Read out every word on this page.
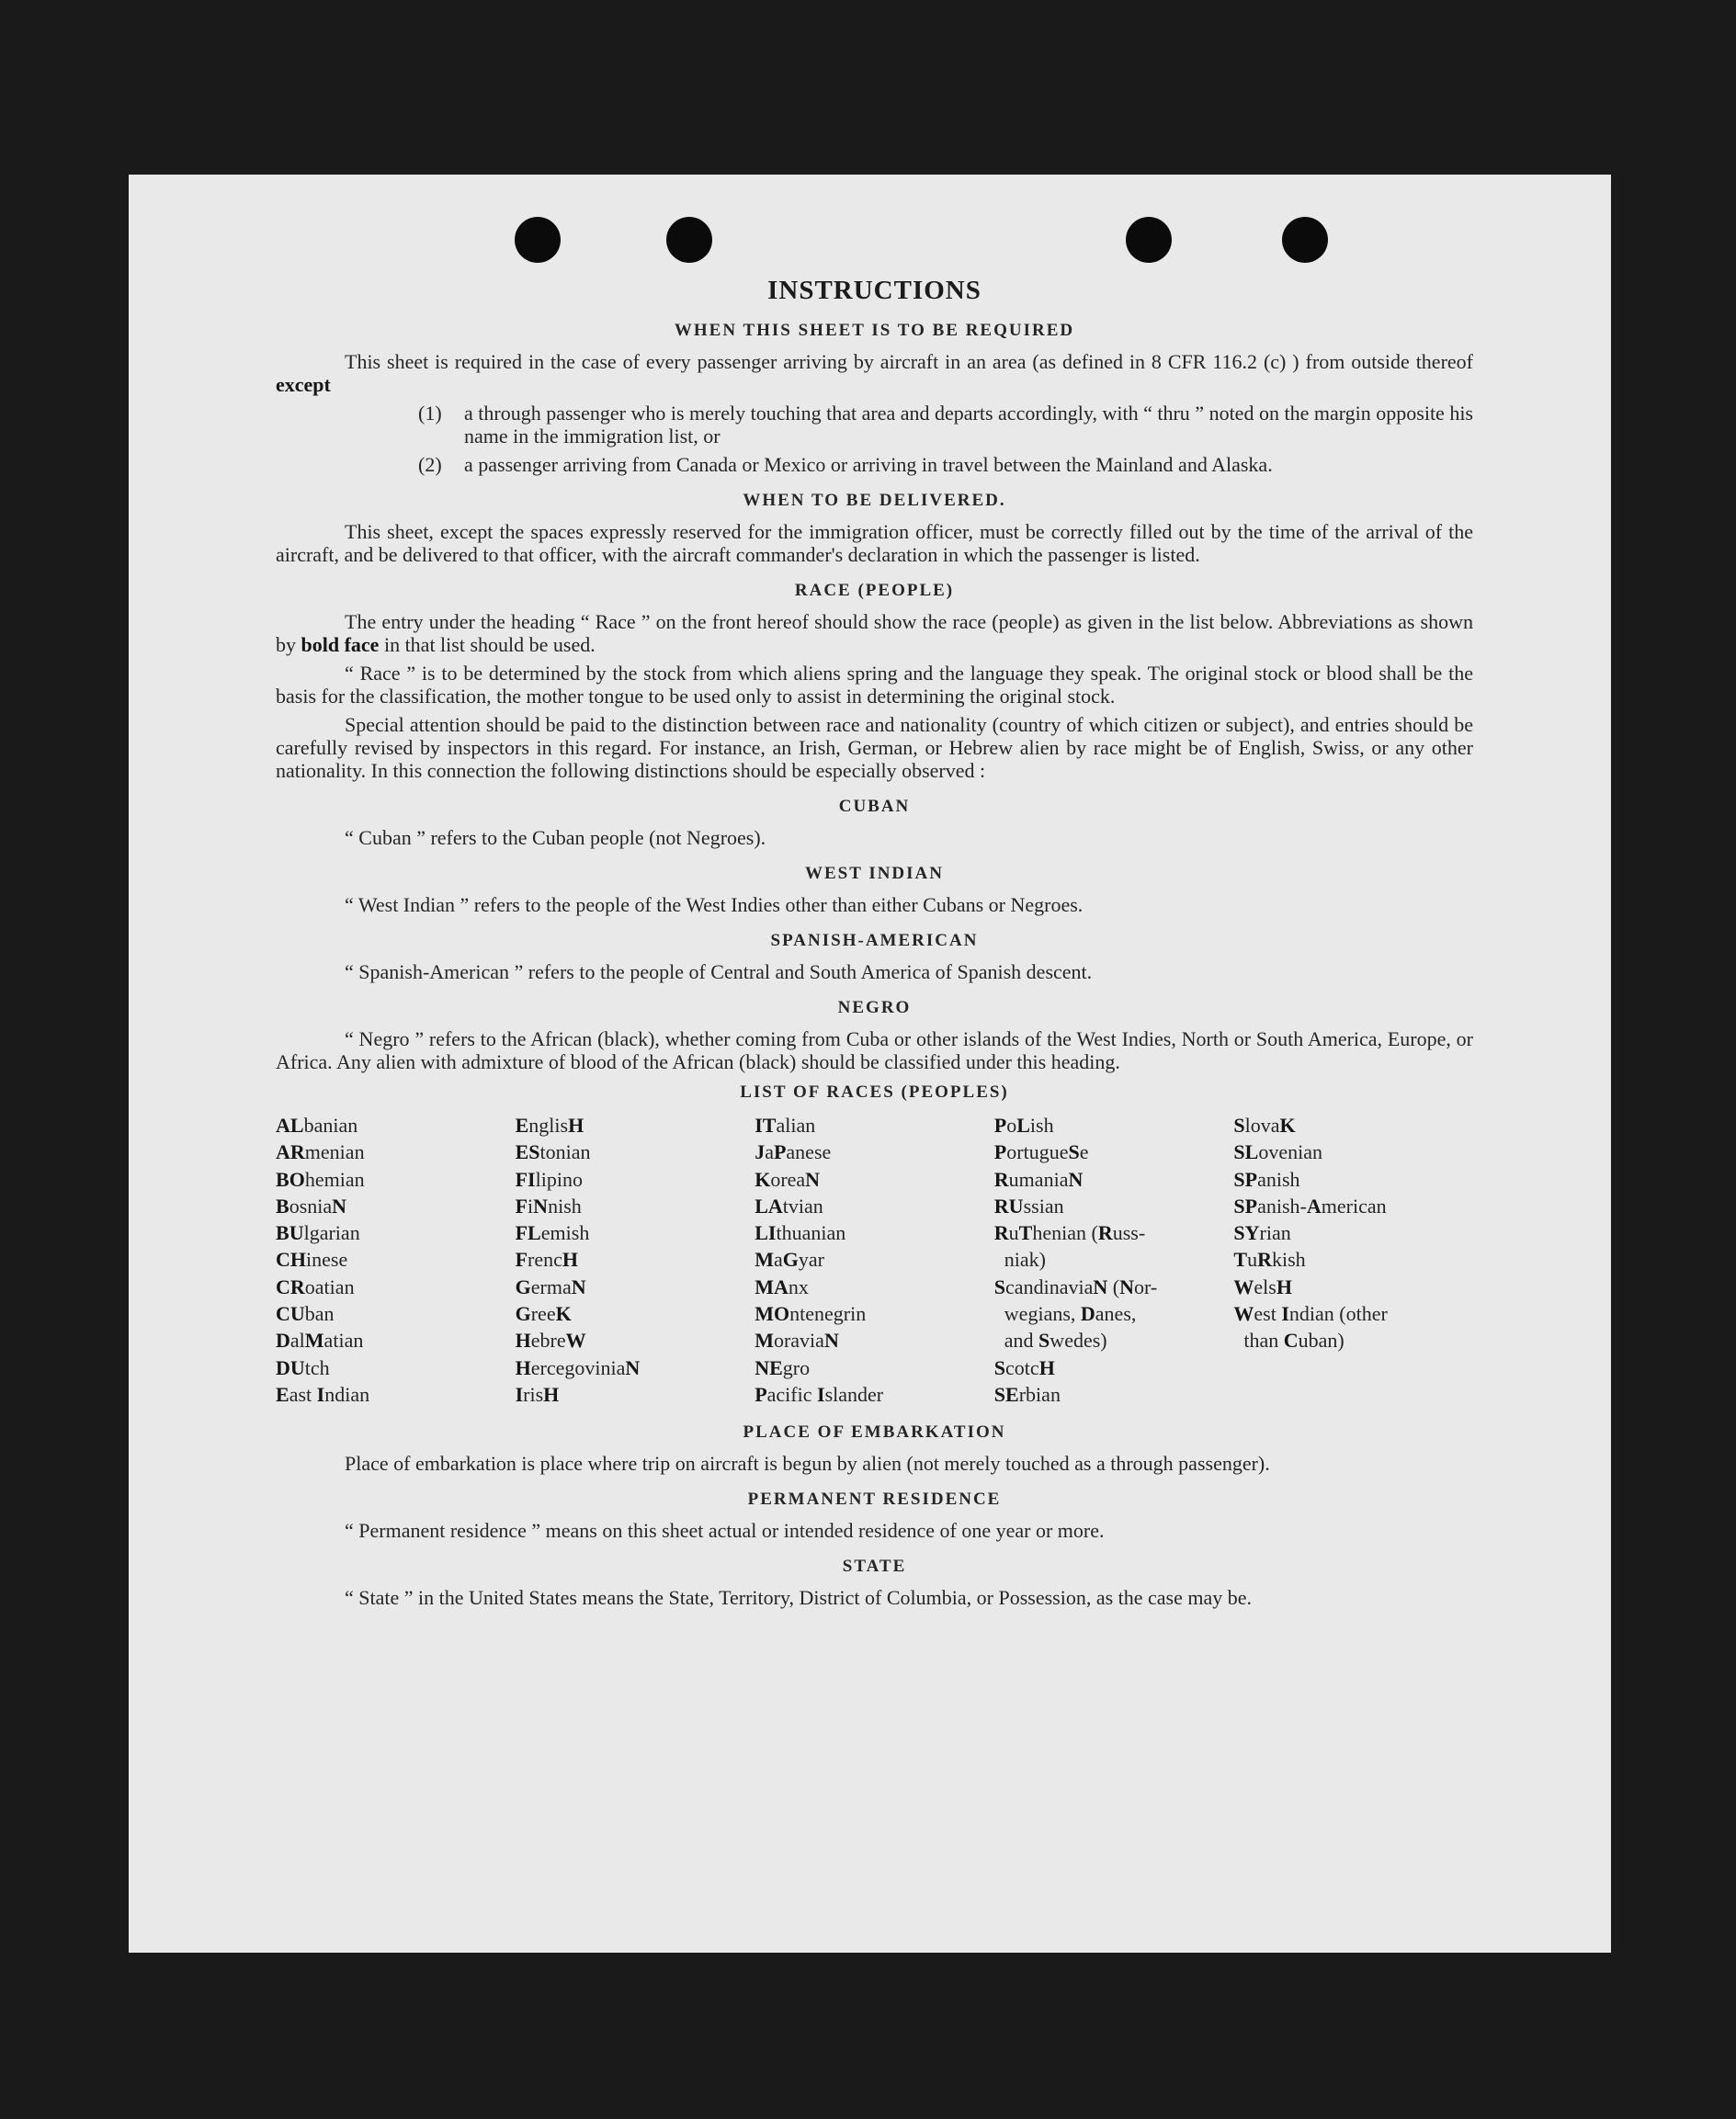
INSTRUCTIONS
WHEN THIS SHEET IS TO BE REQUIRED

This sheet is required in the case of every passenger arriving by aircraft in an area (as defined in 8 CFR 116.2 (c) ) from outside thereof except

(1)	a through passenger who is merely touching that area and departs accordingly, with “ thru ” noted on the margin opposite his name in the immigration list, or
(2)	a passenger arriving from Canada or Mexico or arriving in travel between the Mainland and Alaska.
WHEN TO BE DELIVERED.

This sheet, except the spaces expressly reserved for the immigration officer, must be correctly filled out by the time of the arrival of the aircraft, and be delivered to that officer, with the aircraft commander's declaration in which the passenger is listed.

RACE (PEOPLE)

The entry under the heading “ Race ” on the front hereof should show the race (people) as given in the list below. Abbreviations as shown by bold face in that list should be used.

“ Race ” is to be determined by the stock from which aliens spring and the language they speak. The original stock or blood shall be the basis for the classification, the mother tongue to be used only to assist in determining the original stock.

Special attention should be paid to the distinction between race and nationality (country of which citizen or subject), and entries should be carefully revised by inspectors in this regard. For instance, an Irish, German, or Hebrew alien by race might be of English, Swiss, or any other nationality. In this connection the following distinctions should be especially observed :

CUBAN

“ Cuban ” refers to the Cuban people (not Negroes).

WEST INDIAN

“ West Indian ” refers to the people of the West Indies other than either Cubans or Negroes.

SPANISH-AMERICAN

“ Spanish-American ” refers to the people of Central and South America of Spanish descent.

NEGRO

“ Negro ” refers to the African (black), whether coming from Cuba or other islands of the West Indies, North or South America, Europe, or Africa. Any alien with admixture of blood of the African (black) should be classified under this heading.

LIST OF RACES (PEOPLES)
ALbanian
ARmenian
BOhemian
BosniaN
BUlgarian
CHinese
CRoatian
CUban
DalMatian
DUtch
East Indian
EnglisH
EStonian
FIlipino
FiNnish
FLemish
FrencH
GermaN
GreeK
HebreW
HercegoviniaN
IrisH
ITalian
JaPanese
KoreaN
LAtvian
LIthuanian
MaGyar
MAnx
MOntenegrin
MoraviaN
NEgro
Pacific Islander
PoLish
PortugueSe
RumaniaN
RUssian
RuThenian (Russ-
niak)
ScandinaviaN (Nor-
wegians, Danes,
and Swedes)
ScotcH
SErbian
SlovaK
SLovenian
SPanish
SPanish-American
SYrian
TuRkish
WelsH
West Indian (other
than Cuban)
PLACE OF EMBARKATION

Place of embarkation is place where trip on aircraft is begun by alien (not merely touched as a through passenger).

PERMANENT RESIDENCE

“ Permanent residence ” means on this sheet actual or intended residence of one year or more.

STATE

“ State ” in the United States means the State, Territory, District of Columbia, or Possession, as the case may be.
